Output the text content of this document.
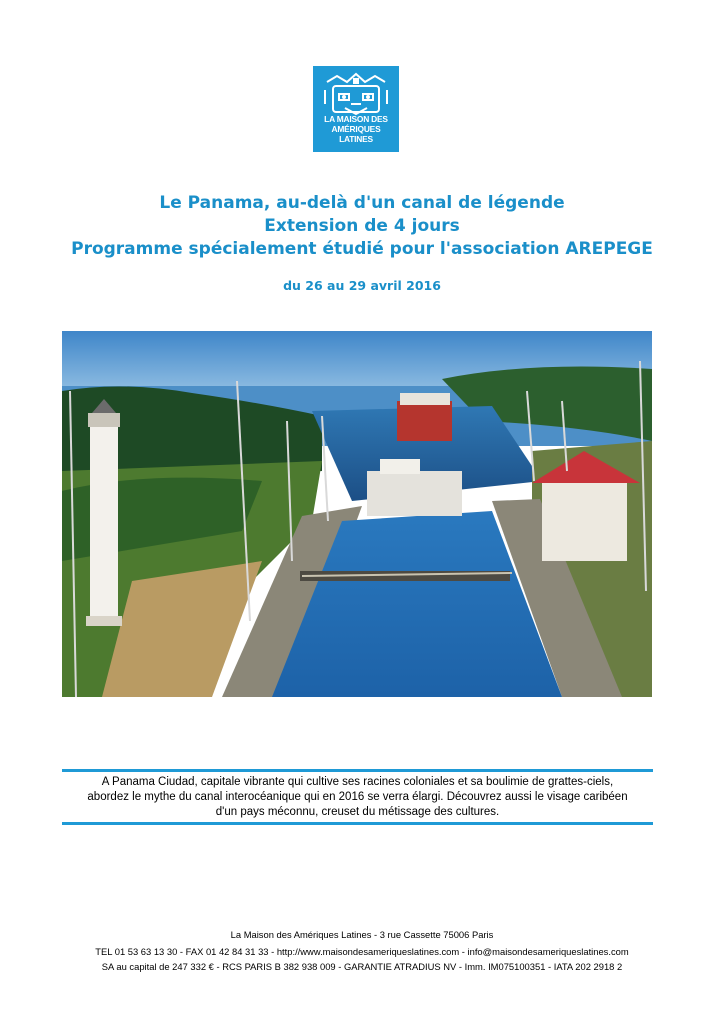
LA MAISON DES
AMÉRIQUES LATINES
Le Panama, au-delà d'un canal de légende
Extension de 4 jours
Programme spécialement étudié pour l'association AREPEGE
du 26 au 29 avril 2016
A Panama Ciudad, capitale vibrante qui cultive ses racines coloniales et sa boulimie de grattes-ciels,
abordez le mythe du canal interocéanique qui en 2016 se verra élargi. Découvrez aussi le visage caribéen
d'un pays méconnu, creuset du métissage des cultures.
La Maison des Amériques Latines - 3 rue Cassette 75006 Paris
TEL 01 53 63 13 30 - FAX 01 42 84 31 33 - http://www.maisondesameriqueslatines.com - info@maisondesameriqueslatines.com
SA au capital de 247 332 € - RCS PARIS B 382 938 009 - GARANTIE ATRADIUS NV - Imm. IM075100351 - IATA 202 2918 2
